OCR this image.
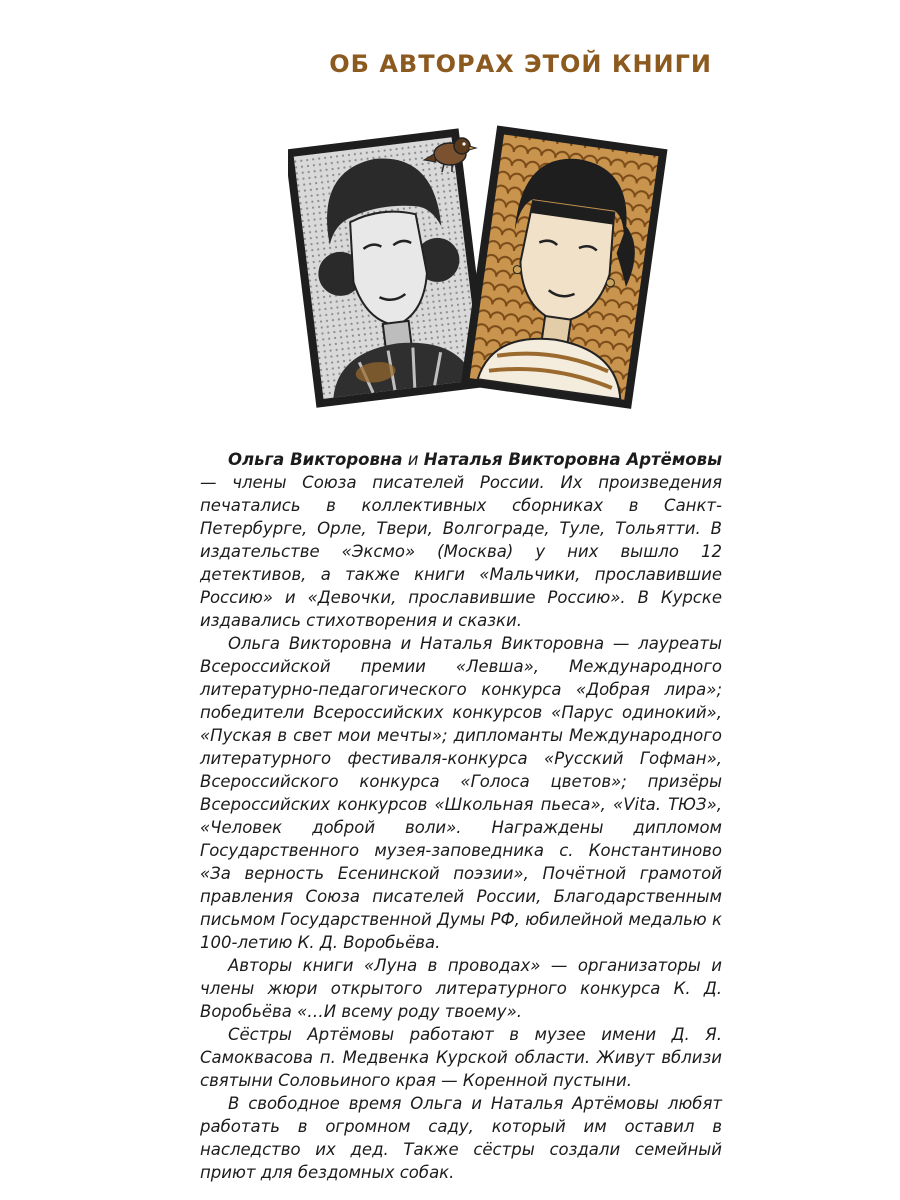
ОБ АВТОРАХ ЭТОЙ КНИГИ

Ольга Викторовна и Наталья Викторовна Артёмовы — члены Союза писателей России. Их произведения печатались в коллективных сборниках в Санкт-Петербурге, Орле, Твери, Волгограде, Туле, Тольятти. В издательстве «Эксмо» (Москва) у них вышло 12 детективов, а также книги «Мальчики, прославившие Россию» и «Девочки, прославившие Россию». В Курске издавались стихотворения и сказки.

Ольга Викторовна и Наталья Викторовна — лауреаты Всероссийской премии «Левша», Международного литературно-педагогического конкурса «Добрая лира»; победители Всероссийских конкурсов «Парус одинокий», «Пуская в свет мои мечты»; дипломанты Международного литературного фестиваля-конкурса «Русский Гофман», Всероссийского конкурса «Голоса цветов»; призёры Всероссийских конкурсов «Школьная пьеса», «Vita. ТЮЗ», «Человек доброй воли». Награждены дипломом Государственного музея-заповедника с. Константиново «За верность Есенинской поэзии», Почётной грамотой правления Союза писателей России, Благодарственным письмом Государственной Думы РФ, юбилейной медалью к 100-летию К. Д. Воробьёва.

Авторы книги «Луна в проводах» — организаторы и члены жюри открытого литературного конкурса К. Д. Воробьёва «…И всему роду твоему».

Сёстры Артёмовы работают в музее имени Д. Я. Самоквасова п. Медвенка Курской области. Живут вблизи святыни Соловьиного края — Коренной пустыни.

В свободное время Ольга и Наталья Артёмовы любят работать в огромном саду, который им оставил в наследство их дед. Также сёстры создали семейный приют для бездомных собак.
